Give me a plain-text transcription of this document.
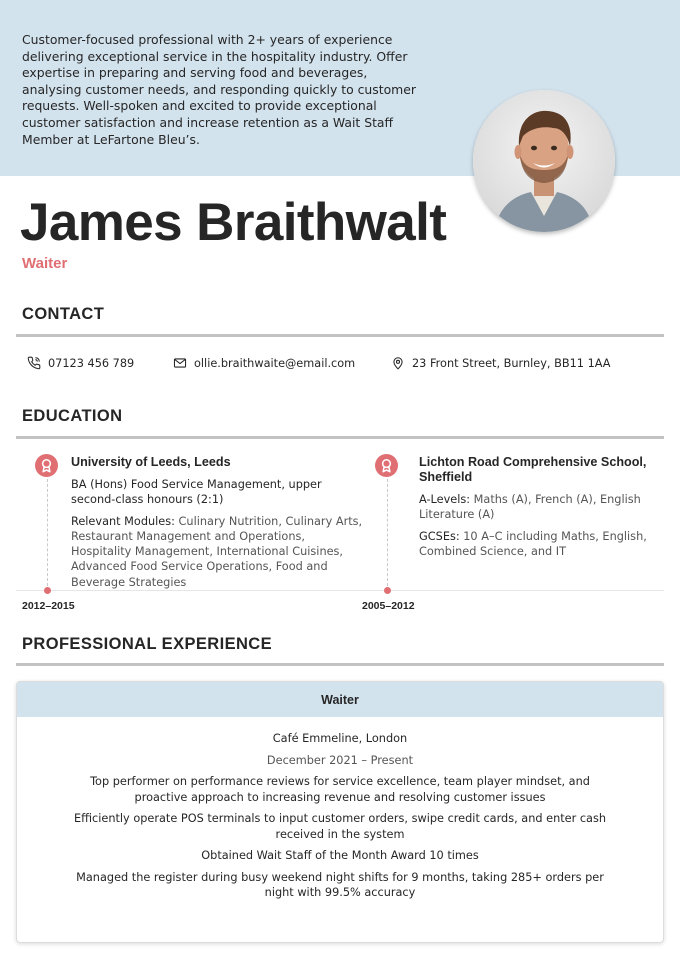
Customer-focused professional with 2+ years of experience delivering exceptional service in the hospitality industry. Offer expertise in preparing and serving food and beverages, analysing customer needs, and responding quickly to customer requests. Well-spoken and excited to provide exceptional customer satisfaction and increase retention as a Wait Staff Member at LeFartone Bleu’s.

James Braithwalt
Waiter
CONTACT
07123 456 789	ollie.braithwaite@email.com	23 Front Street, Burnley, BB11 1AA
EDUCATION
University of Leeds, Leeds
BA (Hons) Food Service Management, upper second-class honours (2:1)
Relevant Modules: Culinary Nutrition, Culinary Arts, Restaurant Management and Operations, Hospitality Management, International Cuisines, Advanced Food Service Operations, Food and Beverage Strategies
Lichton Road Comprehensive School, Sheffield
A-Levels: Maths (A), French (A), English Literature (A)
GCSEs: 10 A–C including Maths, English, Combined Science, and IT
2012–2015	2005–2012
PROFESSIONAL EXPERIENCE
Waiter
Café Emmeline, London
December 2021 – Present
Top performer on performance reviews for service excellence, team player mindset, and proactive approach to increasing revenue and resolving customer issues
Efficiently operate POS terminals to input customer orders, swipe credit cards, and enter cash received in the system
Obtained Wait Staff of the Month Award 10 times
Managed the register during busy weekend night shifts for 9 months, taking 285+ orders per night with 99.5% accuracy
